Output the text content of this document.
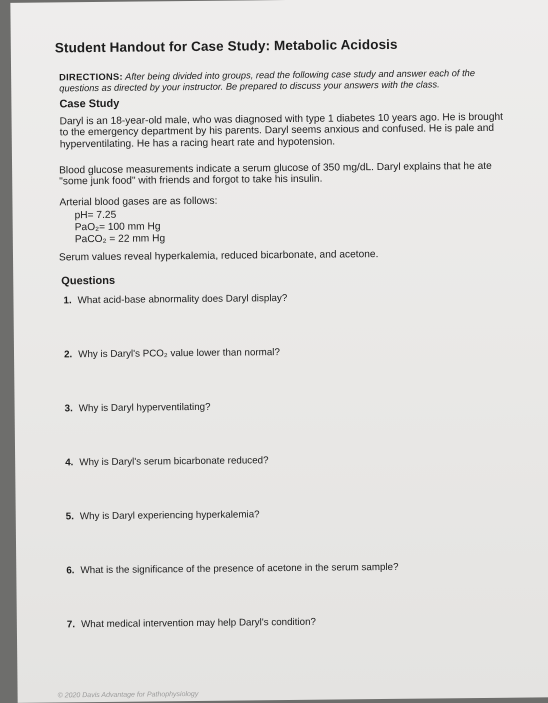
Student Handout for Case Study: Metabolic Acidosis
DIRECTIONS: After being divided into groups, read the following case study and answer each of the questions as directed by your instructor. Be prepared to discuss your answers with the class.
Case Study
Daryl is an 18-year-old male, who was diagnosed with type 1 diabetes 10 years ago. He is brought to the emergency department by his parents. Daryl seems anxious and confused. He is pale and hyperventilating. He has a racing heart rate and hypotension.
Blood glucose measurements indicate a serum glucose of 350 mg/dL. Daryl explains that he ate "some junk food" with friends and forgot to take his insulin.
Arterial blood gases are as follows:
pH= 7.25
PaO₂= 100 mm Hg
PaCO₂ = 22 mm Hg
Serum values reveal hyperkalemia, reduced bicarbonate, and acetone.
Questions
1. What acid-base abnormality does Daryl display?
2. Why is Daryl's PCO₂ value lower than normal?
3. Why is Daryl hyperventilating?
4. Why is Daryl's serum bicarbonate reduced?
5. Why is Daryl experiencing hyperkalemia?
6. What is the significance of the presence of acetone in the serum sample?
7. What medical intervention may help Daryl's condition?
© 2020 Davis Advantage for Pathophysiology
